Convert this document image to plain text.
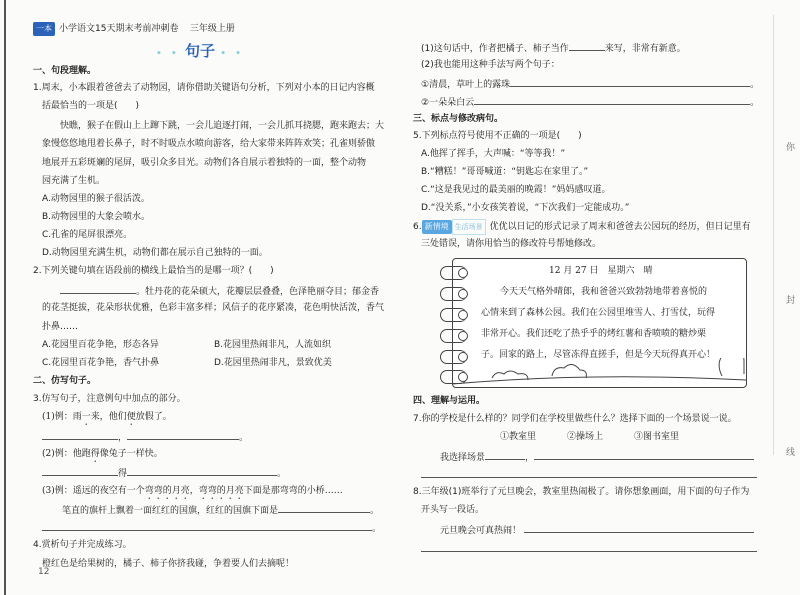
你
封
线
一本 小学语文15天期末考前冲刺卷 三年级上册
• • 句子 • •
一、句段理解。
1.周末，小本跟着爸爸去了动物园，请你借助关键语句分析，下列对小本的日记内容概
括最恰当的一项是(　　)
快瞧，猴子在假山上上蹿下跳，一会儿追逐打闹，一会儿抓耳挠腮，跑来跑去；大
象慢悠悠地甩着长鼻子，时不时吸点水喷向游客，给大家带来阵阵欢笑；孔雀则骄傲
地展开五彩斑斓的尾屏，吸引众多目光。动物们各自展示着独特的一面，整个动物
园充满了生机。
A.动物园里的猴子很活泼。
B.动物园里的大象会喷水。
C.孔雀的尾屏很漂亮。
D.动物园里充满生机，动物们都在展示自己独特的一面。
2.下列关键句填在语段前的横线上最恰当的是哪一项？(　　)
。牡丹花的花朵硕大，花瓣层层叠叠，色泽艳丽夺目；郁金香
的花茎挺拔，花朵形状优雅，色彩丰富多样；风信子的花序紧凑，花色明快活泼，香气
扑鼻……
A.花园里百花争艳，形态各异	B.花园里热闹非凡，人流如织
C.花园里百花争艳，香气扑鼻	D.花园里热闹非凡，景致优美
二、仿写句子。
3.仿写句子，注意例句中加点的部分。
(1)例：雨一来，他们便放假了。
，	。
(2)例：他跑得像兔子一样快。
得	。
(3)例：遥远的夜空有一个弯弯的月亮，弯弯的月亮下面是那弯弯的小桥……
笔直的旗杆上飘着一面红红的国旗，红红的国旗下面是	。
。
4.赏析句子并完成练习。
橙红色是给果树的，橘子、柿子你挤我碰，争着要人们去摘呢！
12
(1)这句话中，作者把橘子、柿子当作	来写，非常有新意。
(2)我也能用这种手法写两个句子：
①清晨，草叶上的露珠	。
②一朵朵白云	。
三、标点与修改病句。
5.下列标点符号使用不正确的一项是(　　)
A.他挥了挥手，大声喊：“等等我！”
B.“糟糕！”哥哥喊道：“钥匙忘在家里了。”
C.“这是我见过的最美丽的晚霞！”妈妈感叹道。
D.“没关系，”小女孩笑着说，“下次我们一定能成功。”
6. 新情境 生活场景 优优以日记的形式记录了周末和爸爸去公园玩的经历，但日记里有
三处错误，请你用恰当的修改符号帮她修改。
12 月 27 日　星期六　晴
今天天气格外晴郎，我和爸爸兴致勃勃地带着喜悦的
心情来到了森林公园。我们在公园里堆雪人、打雪仗，玩得
非常开心。我们还吃了热乎乎的烤红薯和香喷喷的糖炒栗
子。回家的路上，尽管冻得直搓手，但是今天玩得真开心！
四、理解与运用。
7.你的学校是什么样的？同学们在学校里做些什么？选择下面的一个场景说一说。
①教室里	②操场上	③图书室里
我选择场景	，
8.三年级(1)班举行了元旦晚会，教室里热闹极了。请你想象画面，用下面的句子作为
开头写一段话。
元旦晚会可真热闹！
